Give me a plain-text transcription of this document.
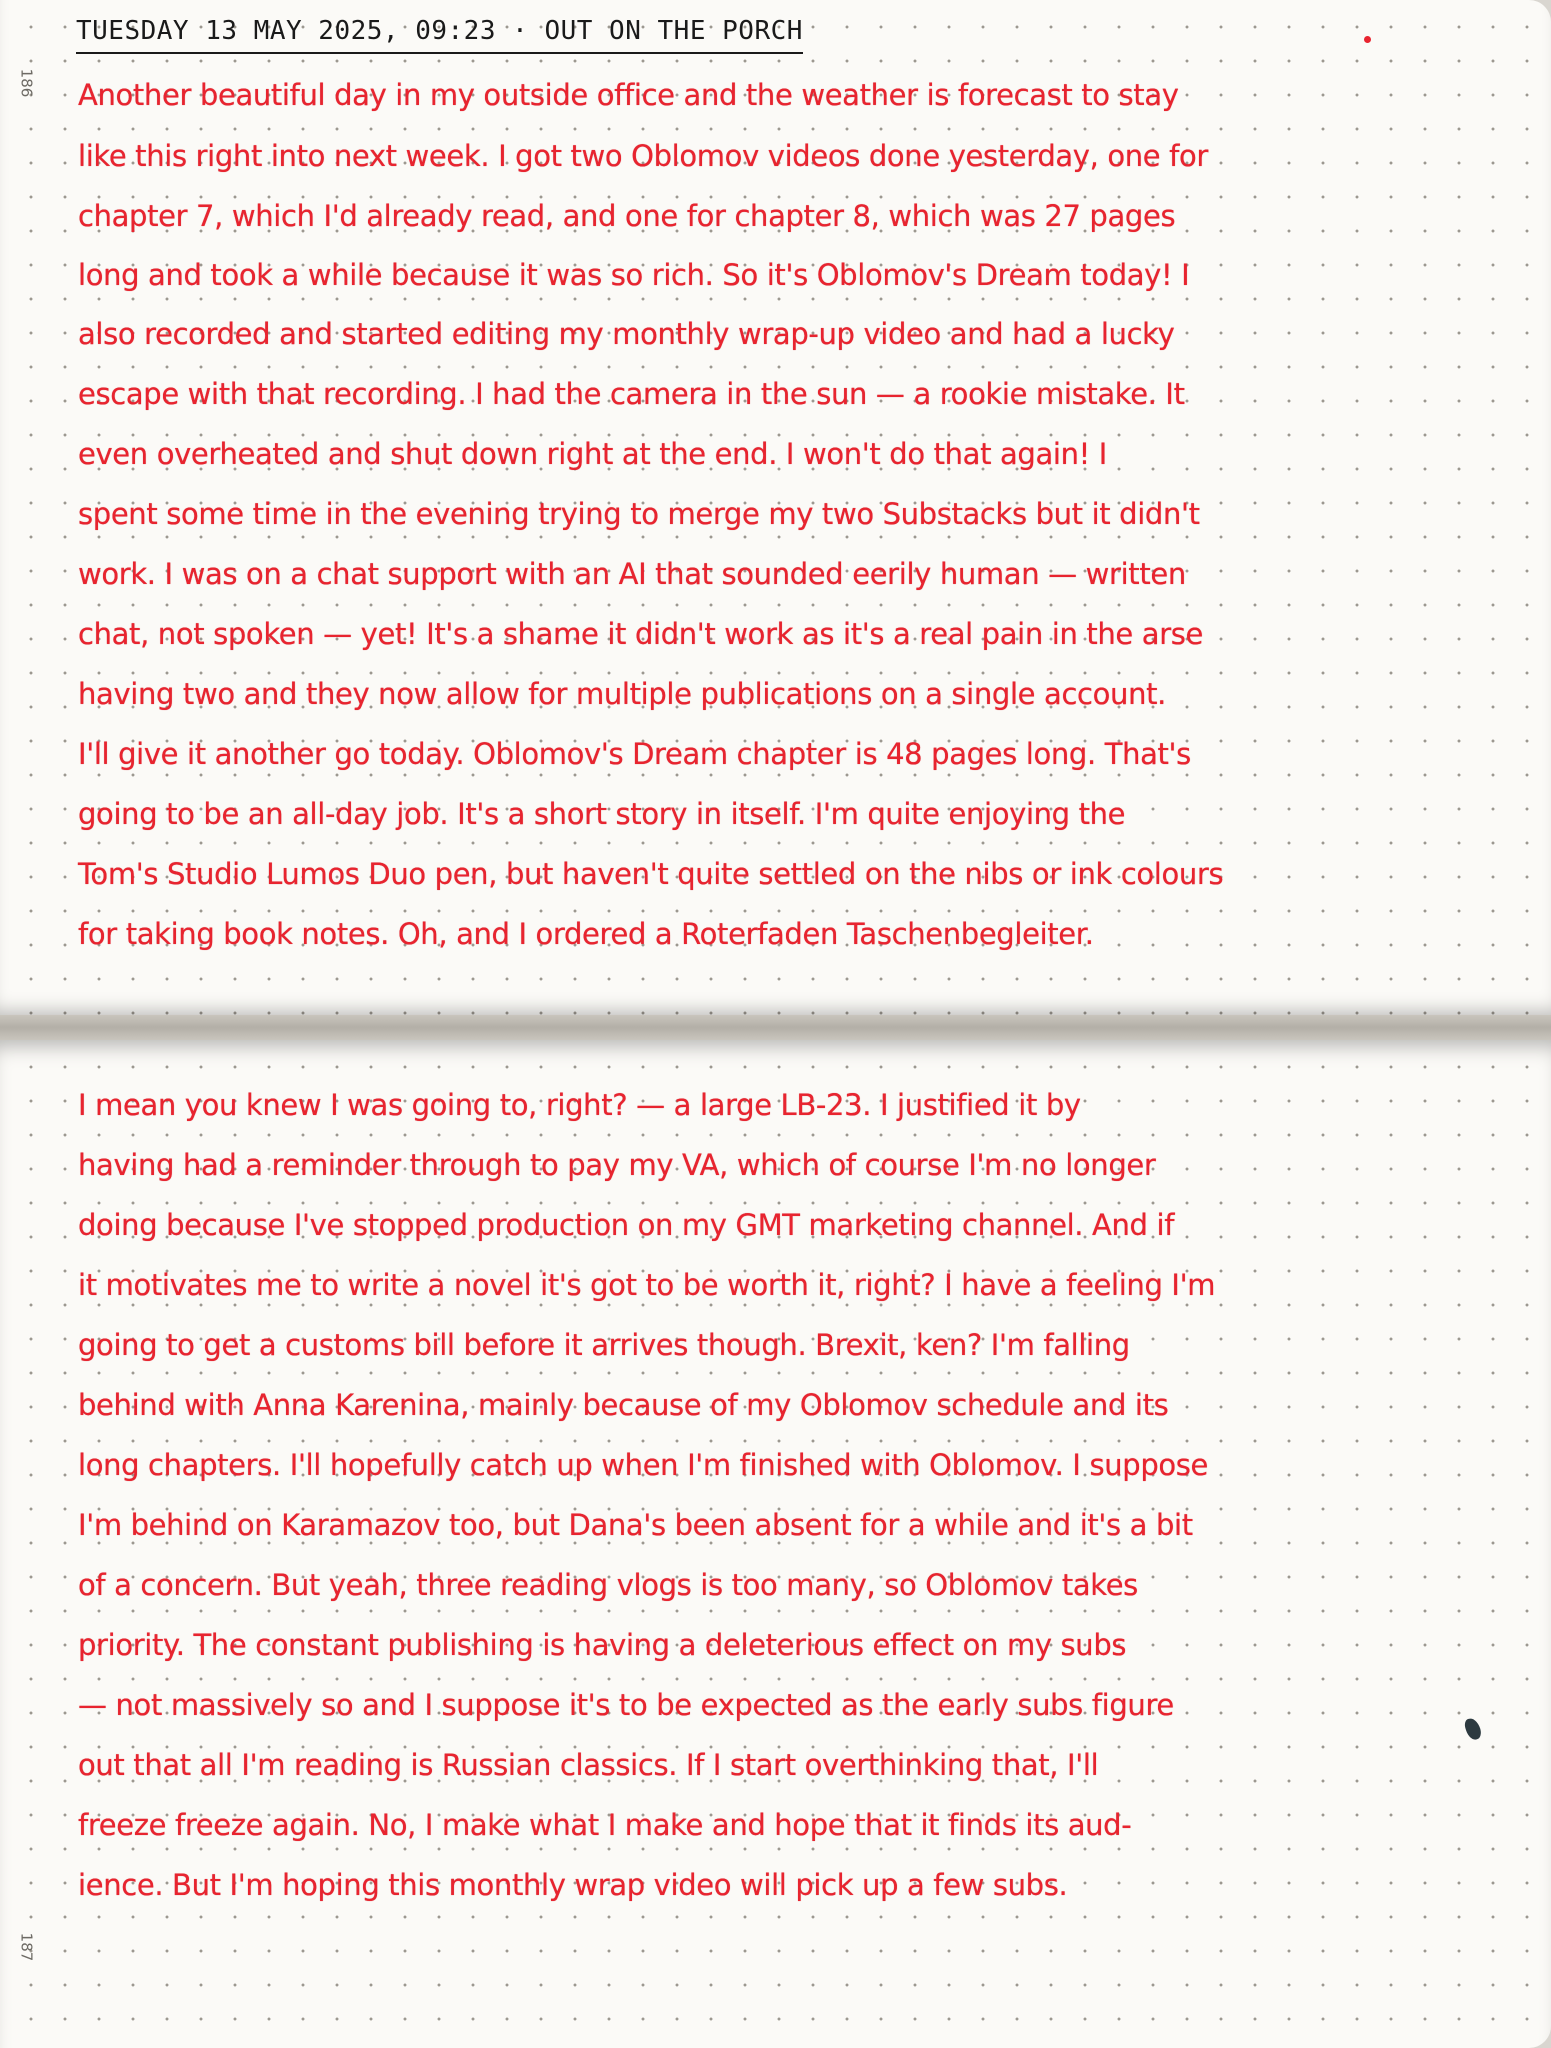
186
TUESDAY 13 MAY 2025, 09:23 · OUT ON THE PORCH

Another beautiful day in my outside office and the weather is forecast to stay

like this right into next week. I got two Oblomov videos done yesterday, one for

chapter 7, which I'd already read, and one for chapter 8, which was 27 pages

long and took a while because it was so rich. So it's Oblomov's Dream today! I

also recorded and started editing my monthly wrap-up video and had a lucky

escape with that recording. I had the camera in the sun — a rookie mistake. It

even overheated and shut down right at the end. I won't do that again! I

spent some time in the evening trying to merge my two Substacks but it didn't

work. I was on a chat support with an AI that sounded eerily human — written

chat, not spoken — yet! It's a shame it didn't work as it's a real pain in the arse

having two and they now allow for multiple publications on a single account.

I'll give it another go today. Oblomov's Dream chapter is 48 pages long. That's

going to be an all-day job. It's a short story in itself. I'm quite enjoying the

Tom's Studio Lumos Duo pen, but haven't quite settled on the nibs or ink colours

for taking book notes. Oh, and I ordered a Roterfaden Taschenbegleiter.

187

I mean you knew I was going to, right? — a large LB-23. I justified it by

having had a reminder through to pay my VA, which of course I'm no longer

doing because I've stopped production on my GMT marketing channel. And if

it motivates me to write a novel it's got to be worth it, right? I have a feeling I'm

going to get a customs bill before it arrives though. Brexit, ken? I'm falling

behind with Anna Karenina, mainly because of my Oblomov schedule and its

long chapters. I'll hopefully catch up when I'm finished with Oblomov. I suppose

I'm behind on Karamazov too, but Dana's been absent for a while and it's a bit

of a concern. But yeah, three reading vlogs is too many, so Oblomov takes

priority. The constant publishing is having a deleterious effect on my subs

— not massively so and I suppose it's to be expected as the early subs figure

out that all I'm reading is Russian classics. If I start overthinking that, I'll

freeze freeze again. No, I make what I make and hope that it finds its aud-

ience. But I'm hoping this monthly wrap video will pick up a few subs.
